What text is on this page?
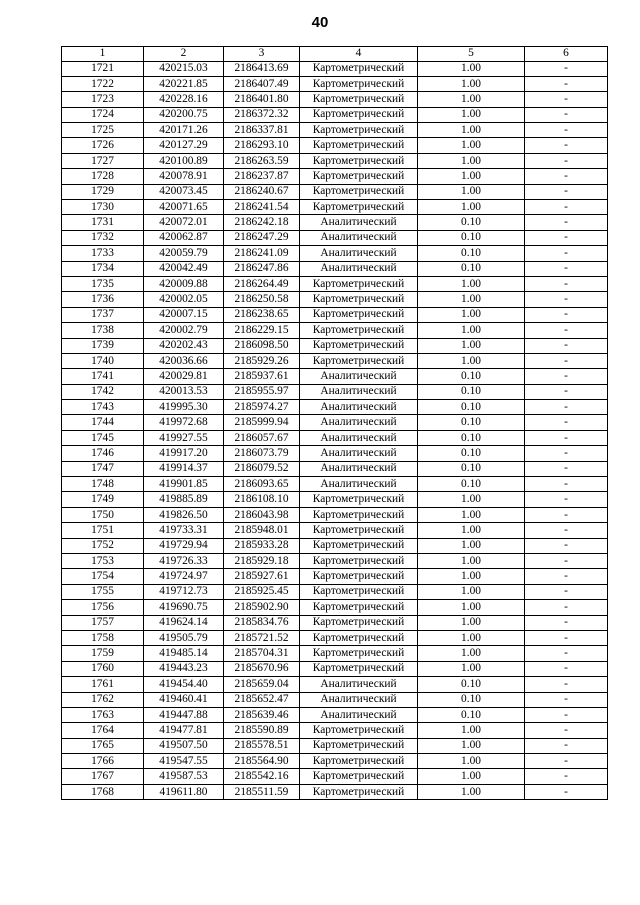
40
1	2	3	4	5	6
1721	420215.03	2186413.69	Картометрический	1.00	-
1722	420221.85	2186407.49	Картометрический	1.00	-
1723	420228.16	2186401.80	Картометрический	1.00	-
1724	420200.75	2186372.32	Картометрический	1.00	-
1725	420171.26	2186337.81	Картометрический	1.00	-
1726	420127.29	2186293.10	Картометрический	1.00	-
1727	420100.89	2186263.59	Картометрический	1.00	-
1728	420078.91	2186237.87	Картометрический	1.00	-
1729	420073.45	2186240.67	Картометрический	1.00	-
1730	420071.65	2186241.54	Картометрический	1.00	-
1731	420072.01	2186242.18	Аналитический	0.10	-
1732	420062.87	2186247.29	Аналитический	0.10	-
1733	420059.79	2186241.09	Аналитический	0.10	-
1734	420042.49	2186247.86	Аналитический	0.10	-
1735	420009.88	2186264.49	Картометрический	1.00	-
1736	420002.05	2186250.58	Картометрический	1.00	-
1737	420007.15	2186238.65	Картометрический	1.00	-
1738	420002.79	2186229.15	Картометрический	1.00	-
1739	420202.43	2186098.50	Картометрический	1.00	-
1740	420036.66	2185929.26	Картометрический	1.00	-
1741	420029.81	2185937.61	Аналитический	0.10	-
1742	420013.53	2185955.97	Аналитический	0.10	-
1743	419995.30	2185974.27	Аналитический	0.10	-
1744	419972.68	2185999.94	Аналитический	0.10	-
1745	419927.55	2186057.67	Аналитический	0.10	-
1746	419917.20	2186073.79	Аналитический	0.10	-
1747	419914.37	2186079.52	Аналитический	0.10	-
1748	419901.85	2186093.65	Аналитический	0.10	-
1749	419885.89	2186108.10	Картометрический	1.00	-
1750	419826.50	2186043.98	Картометрический	1.00	-
1751	419733.31	2185948.01	Картометрический	1.00	-
1752	419729.94	2185933.28	Картометрический	1.00	-
1753	419726.33	2185929.18	Картометрический	1.00	-
1754	419724.97	2185927.61	Картометрический	1.00	-
1755	419712.73	2185925.45	Картометрический	1.00	-
1756	419690.75	2185902.90	Картометрический	1.00	-
1757	419624.14	2185834.76	Картометрический	1.00	-
1758	419505.79	2185721.52	Картометрический	1.00	-
1759	419485.14	2185704.31	Картометрический	1.00	-
1760	419443.23	2185670.96	Картометрический	1.00	-
1761	419454.40	2185659.04	Аналитический	0.10	-
1762	419460.41	2185652.47	Аналитический	0.10	-
1763	419447.88	2185639.46	Аналитический	0.10	-
1764	419477.81	2185590.89	Картометрический	1.00	-
1765	419507.50	2185578.51	Картометрический	1.00	-
1766	419547.55	2185564.90	Картометрический	1.00	-
1767	419587.53	2185542.16	Картометрический	1.00	-
1768	419611.80	2185511.59	Картометрический	1.00	-
